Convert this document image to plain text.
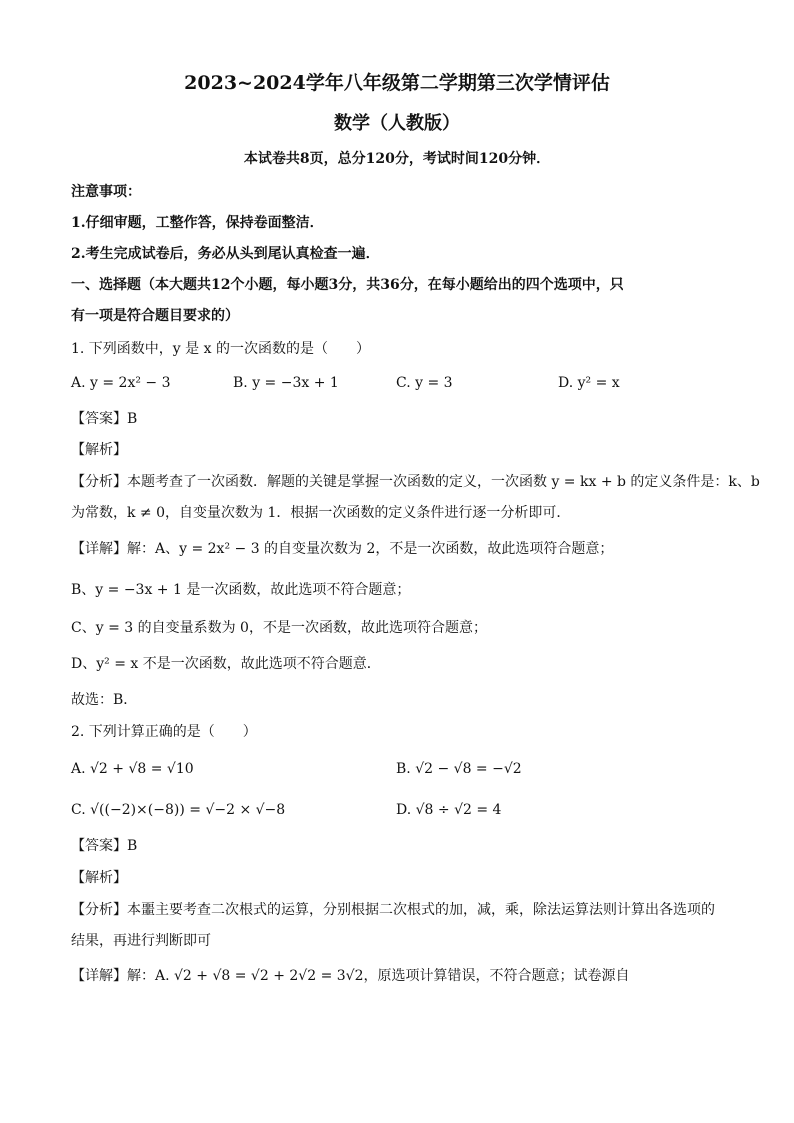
2023~2024学年八年级第二学期第三次学情评估
数学（人教版）
本试卷共8页，总分120分，考试时间120分钟．
注意事项：
1.仔细审题，工整作答，保持卷面整洁．
2.考生完成试卷后，务必从头到尾认真检查一遍．
一、选择题（本大题共12个小题，每小题3分，共36分，在每小题给出的四个选项中，只
有一项是符合题目要求的）
1. 下列函数中，y 是 x 的一次函数的是（　　）
A. y = 2x² − 3	B. y = −3x + 1	C. y = 3	D. y² = x
【答案】B
【解析】
【分析】本题考查了一次函数．解题的关键是掌握一次函数的定义，一次函数 y = kx + b 的定义条件是：k、b
为常数，k ≠ 0，自变量次数为 1．根据一次函数的定义条件进行逐一分析即可．
【详解】解：A、y = 2x² − 3 的自变量次数为 2，不是一次函数，故此选项符合题意；
B、y = −3x + 1 是一次函数，故此选项不符合题意；
C、y = 3 的自变量系数为 0，不是一次函数，故此选项符合题意；
D、y² = x 不是一次函数，故此选项不符合题意．
故选：B．
2. 下列计算正确的是（　　）
A. √2 + √8 = √10	B. √2 − √8 = −√2
C. √((−2)×(−8)) = √−2 × √−8	D. √8 ÷ √2 = 4
【答案】B
【解析】
【分析】本噩主要考查二次根式的运算，分别根据二次根式的加，减，乘，除法运算法则计算出各选项的
结果，再进行判断即可
【详解】解：A. √2 + √8 = √2 + 2√2 = 3√2，原选项计算错误，不符合题意；试卷源自
